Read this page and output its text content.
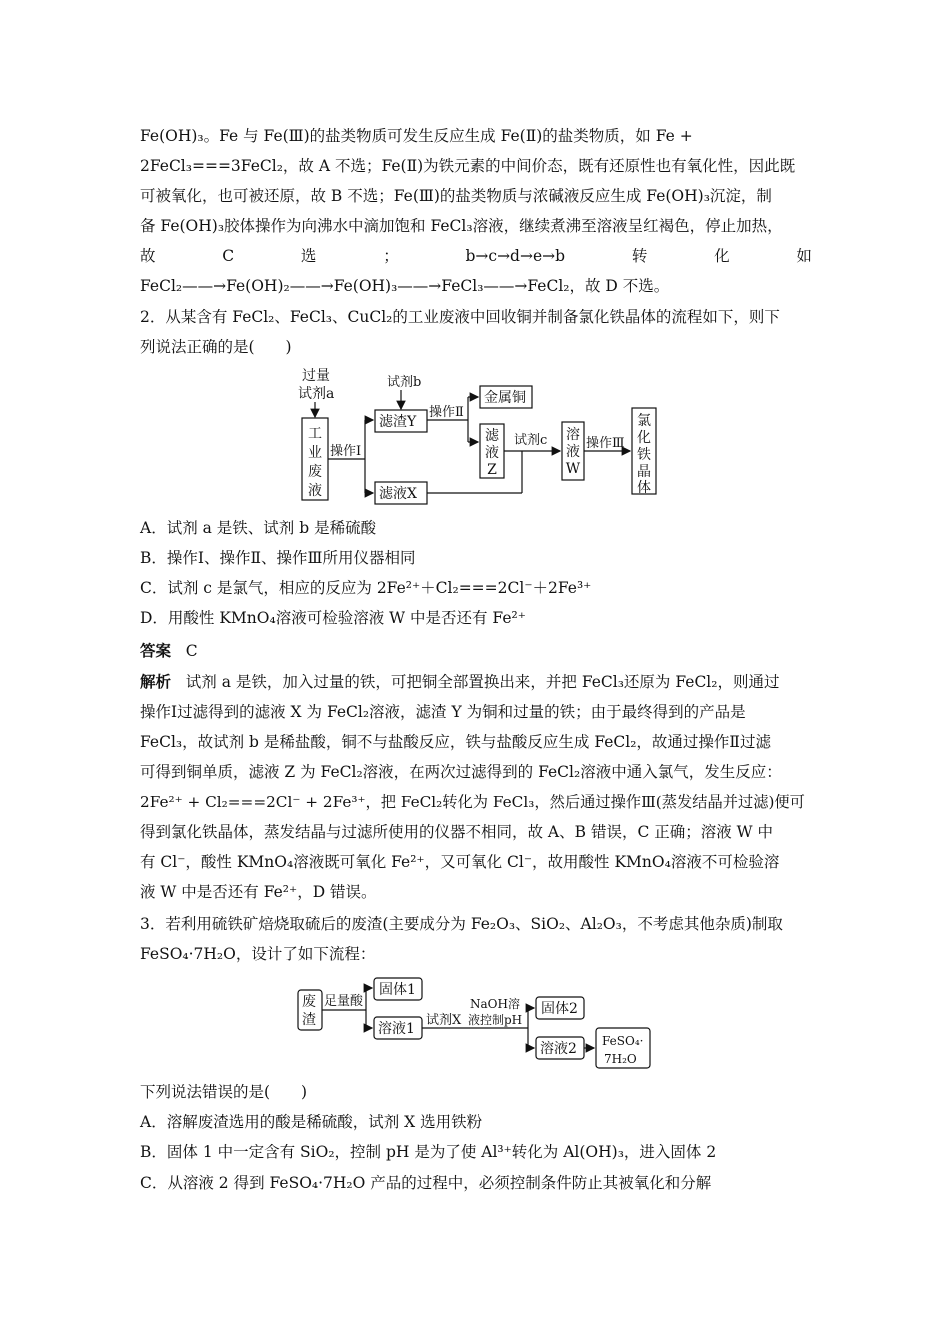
Fe(OH)₃。Fe 与 Fe(Ⅲ)的盐类物质可发生反应生成 Fe(Ⅱ)的盐类物质，如 Fe +
2FeCl₃===3FeCl₂，故 A 不选；Fe(Ⅱ)为铁元素的中间价态，既有还原性也有氧化性，因此既
可被氧化，也可被还原，故 B 不选；Fe(Ⅲ)的盐类物质与浓碱液反应生成 Fe(OH)₃沉淀，制
备 Fe(OH)₃胶体操作为向沸水中滴加饱和 FeCl₃溶液，继续煮沸至溶液呈红褐色，停止加热，
故	C	选	；	b→c→d→e→b	转	化	如
FeCl₂——→Fe(OH)₂——→Fe(OH)₃——→FeCl₃——→FeCl₂，故 D 不选。
2．从某含有 FeCl₂、FeCl₃、CuCl₂的工业废液中回收铜并制备氯化铁晶体的流程如下，则下
列说法正确的是(　　)
过量
试剂a
操作Ⅰ
试剂b
滤渣Y
滤液X
操作Ⅱ
金属铜
试剂c	操作Ⅲ
工
业
废
液
滤
液
Z
溶
液
W
氯
化
铁
晶
体
A．试剂 a 是铁、试剂 b 是稀硫酸
B．操作Ⅰ、操作Ⅱ、操作Ⅲ所用仪器相同
C．试剂 c 是氯气，相应的反应为 2Fe²⁺＋Cl₂===2Cl⁻＋2Fe³⁺
D．用酸性 KMnO₄溶液可检验溶液 W 中是否还有 Fe²⁺
答案 C
解析 试剂 a 是铁，加入过量的铁，可把铜全部置换出来，并把 FeCl₃还原为 FeCl₂，则通过
操作Ⅰ过滤得到的滤液 X 为 FeCl₂溶液，滤渣 Y 为铜和过量的铁；由于最终得到的产品是
FeCl₃，故试剂 b 是稀盐酸，铜不与盐酸反应，铁与盐酸反应生成 FeCl₂，故通过操作Ⅱ过滤
可得到铜单质，滤液 Z 为 FeCl₂溶液，在两次过滤得到的 FeCl₂溶液中通入氯气，发生反应：
2Fe²⁺ + Cl₂===2Cl⁻ + 2Fe³⁺，把 FeCl₂转化为 FeCl₃，然后通过操作Ⅲ(蒸发结晶并过滤)便可
得到氯化铁晶体，蒸发结晶与过滤所使用的仪器不相同，故 A、B 错误，C 正确；溶液 W 中
有 Cl⁻，酸性 KMnO₄溶液既可氧化 Fe²⁺，又可氧化 Cl⁻，故用酸性 KMnO₄溶液不可检验溶
液 W 中是否还有 Fe²⁺，D 错误。
3．若利用硫铁矿焙烧取硫后的废渣(主要成分为 Fe₂O₃、SiO₂、Al₂O₃，不考虑其他杂质)制取
FeSO₄·7H₂O，设计了如下流程：
废
渣
足量酸
固体1
溶液1
试剂X
NaOH溶
液控制pH
固体2
溶液2 FeSO₄·
7H₂O
下列说法错误的是(　　)
A．溶解废渣选用的酸是稀硫酸，试剂 X 选用铁粉
B．固体 1 中一定含有 SiO₂，控制 pH 是为了使 Al³⁺转化为 Al(OH)₃，进入固体 2
C．从溶液 2 得到 FeSO₄·7H₂O 产品的过程中，必须控制条件防止其被氧化和分解
